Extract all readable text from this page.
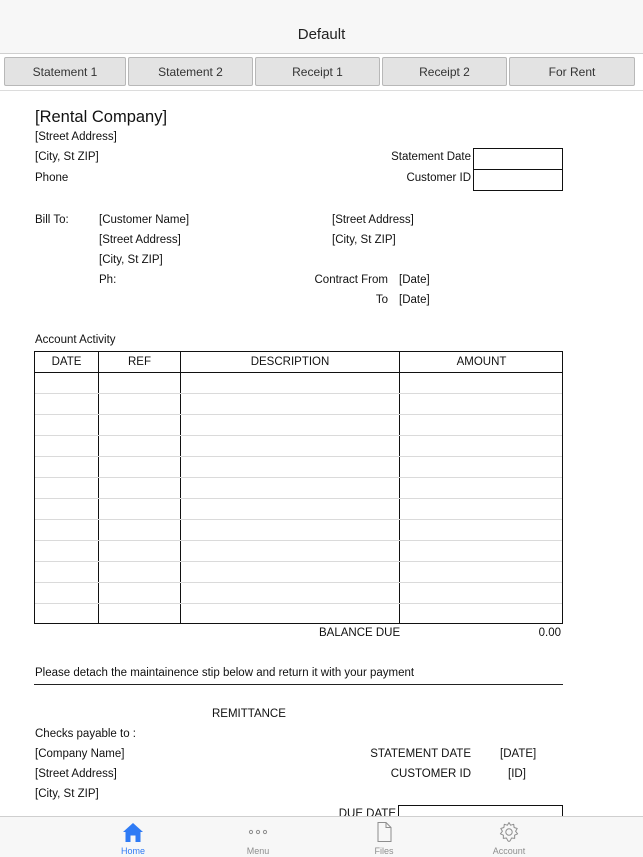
Default
Statement 1	Statement 2	Receipt 1	Receipt 2	For Rent
[Rental Company]
[Street Address]
[City, St ZIP]
Phone
Statement Date
Customer ID
Bill To:	[Customer Name]
[Street Address]
[City, St ZIP]
Ph:
[Street Address]
[City, St ZIP]
Contract From [Date]
To [Date]
Account Activity
DATE	REF	DESCRIPTION	AMOUNT
BALANCE DUE	0.00
Please detach the maintainence stip below and return it with your payment
REMITTANCE
Checks payable to :
[Company Name]
[Street Address]
[City, St ZIP]
STATEMENT DATE	[DATE]
CUSTOMER ID	[ID]
DUE DATE
Home	Menu	Files	Account
